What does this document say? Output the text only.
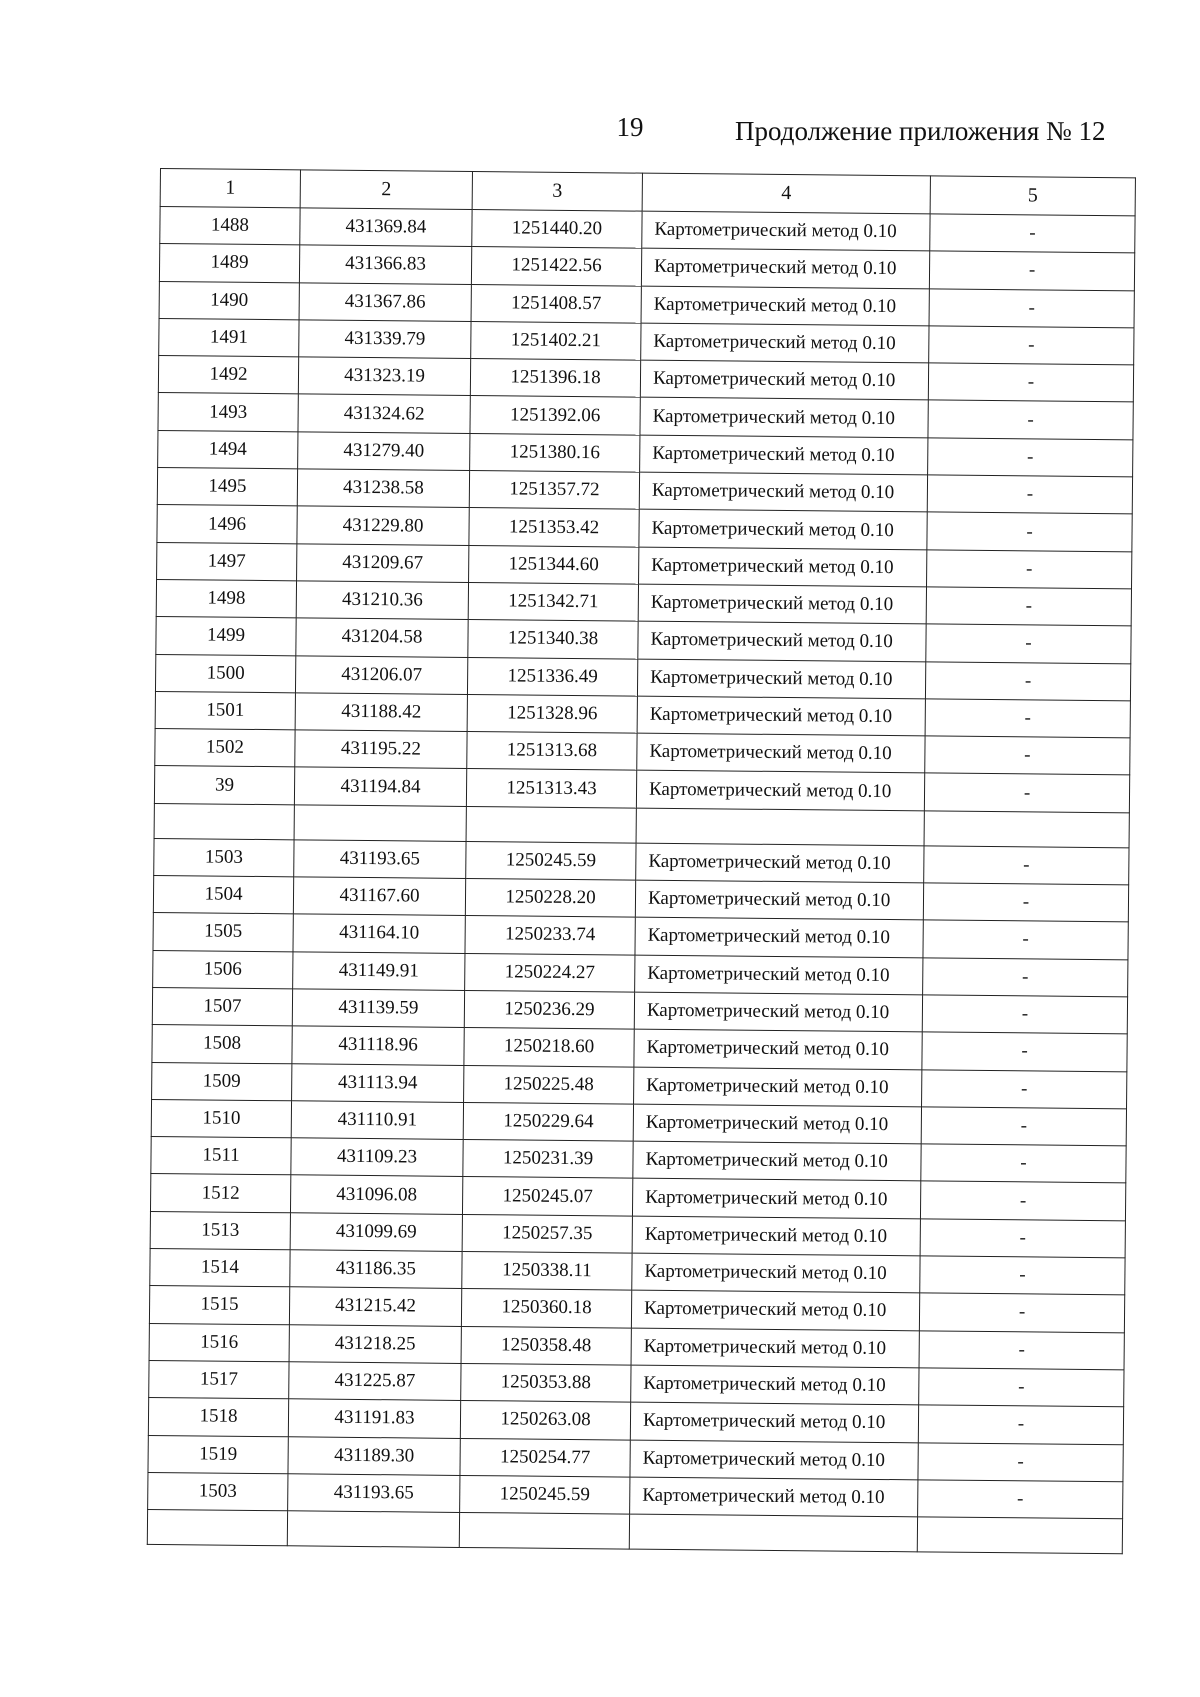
19	Продолжение приложения № 12
1	2	3	4	5
1488	431369.84	1251440.20	Картометрический метод 0.10	-
1489	431366.83	1251422.56	Картометрический метод 0.10	-
1490	431367.86	1251408.57	Картометрический метод 0.10	-
1491	431339.79	1251402.21	Картометрический метод 0.10	-
1492	431323.19	1251396.18	Картометрический метод 0.10	-
1493	431324.62	1251392.06	Картометрический метод 0.10	-
1494	431279.40	1251380.16	Картометрический метод 0.10	-
1495	431238.58	1251357.72	Картометрический метод 0.10	-
1496	431229.80	1251353.42	Картометрический метод 0.10	-
1497	431209.67	1251344.60	Картометрический метод 0.10	-
1498	431210.36	1251342.71	Картометрический метод 0.10	-
1499	431204.58	1251340.38	Картометрический метод 0.10	-
1500	431206.07	1251336.49	Картометрический метод 0.10	-
1501	431188.42	1251328.96	Картометрический метод 0.10	-
1502	431195.22	1251313.68	Картометрический метод 0.10	-
39	431194.84	1251313.43	Картометрический метод 0.10	-

1503	431193.65	1250245.59	Картометрический метод 0.10	-
1504	431167.60	1250228.20	Картометрический метод 0.10	-
1505	431164.10	1250233.74	Картометрический метод 0.10	-
1506	431149.91	1250224.27	Картометрический метод 0.10	-
1507	431139.59	1250236.29	Картометрический метод 0.10	-
1508	431118.96	1250218.60	Картометрический метод 0.10	-
1509	431113.94	1250225.48	Картометрический метод 0.10	-
1510	431110.91	1250229.64	Картометрический метод 0.10	-
1511	431109.23	1250231.39	Картометрический метод 0.10	-
1512	431096.08	1250245.07	Картометрический метод 0.10	-
1513	431099.69	1250257.35	Картометрический метод 0.10	-
1514	431186.35	1250338.11	Картометрический метод 0.10	-
1515	431215.42	1250360.18	Картометрический метод 0.10	-
1516	431218.25	1250358.48	Картометрический метод 0.10	-
1517	431225.87	1250353.88	Картометрический метод 0.10	-
1518	431191.83	1250263.08	Картометрический метод 0.10	-
1519	431189.30	1250254.77	Картометрический метод 0.10	-
1503	431193.65	1250245.59	Картометрический метод 0.10	-
